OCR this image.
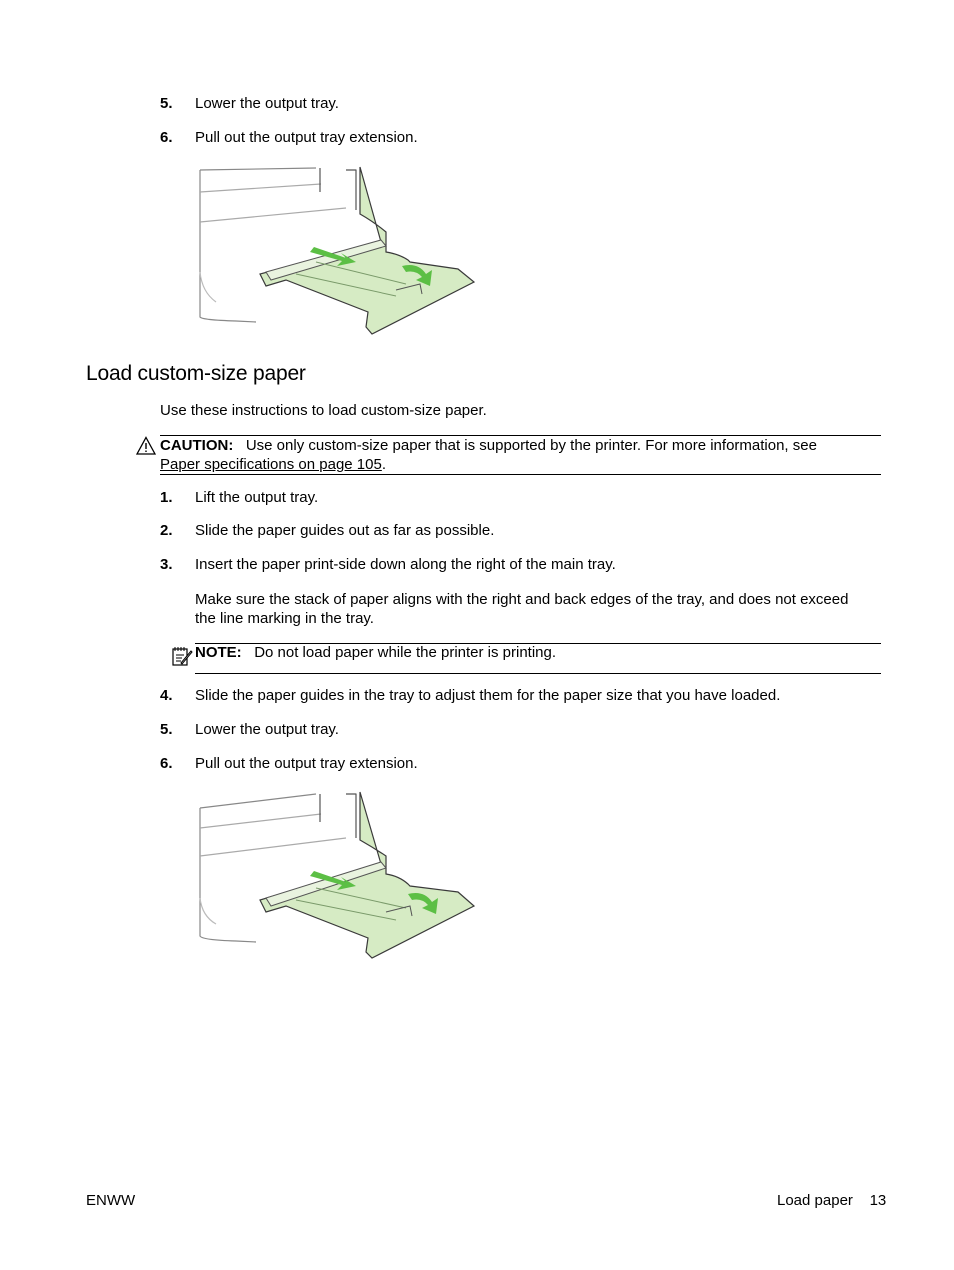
5. Lower the output tray.
6. Pull out the output tray extension.
Load custom-size paper
Use these instructions to load custom-size paper.
CAUTION: Use only custom-size paper that is supported by the printer. For more information, see
Paper specifications on page 105.
1. Lift the output tray.
2. Slide the paper guides out as far as possible.
3. Insert the paper print-side down along the right of the main tray.
Make sure the stack of paper aligns with the right and back edges of the tray, and does not exceed the line marking in the tray.
NOTE: Do not load paper while the printer is printing.
4. Slide the paper guides in the tray to adjust them for the paper size that you have loaded.
5. Lower the output tray.
6. Pull out the output tray extension.
ENWW	Load paper 13
